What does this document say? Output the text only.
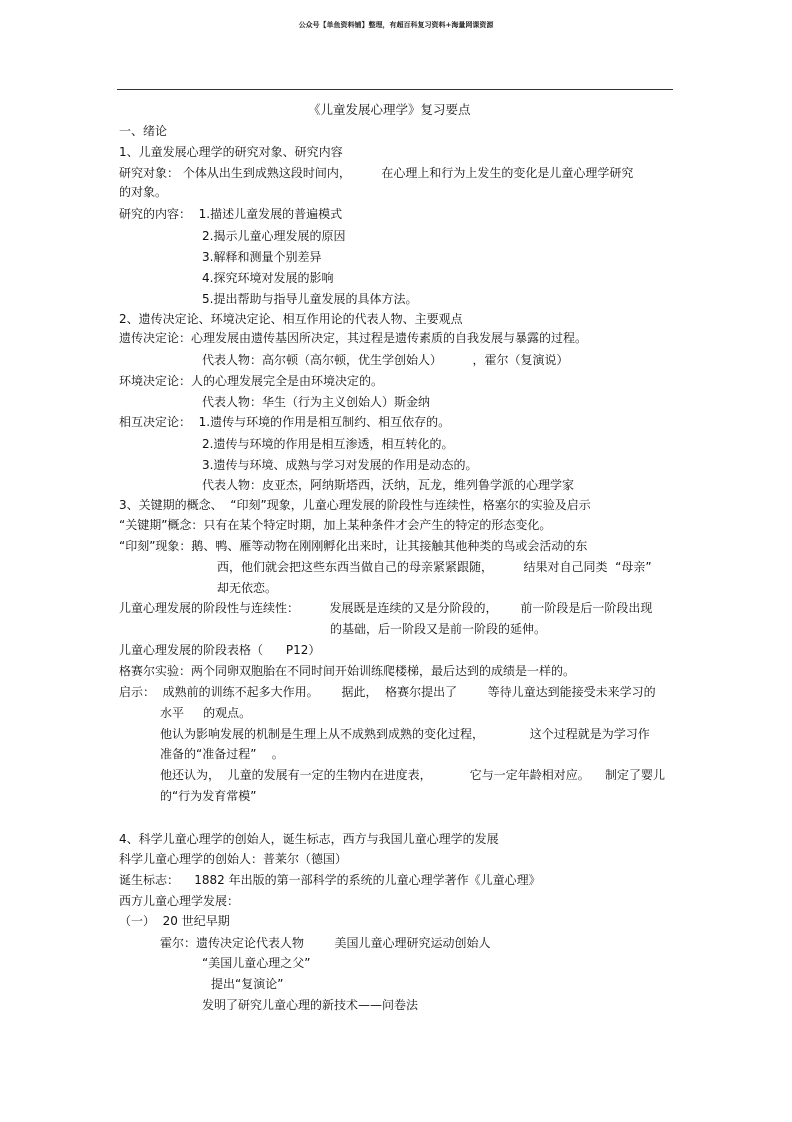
公众号【单鱼资料铺】整理，有超百科复习资料+海量网课资源
《儿童发展心理学》复习要点
一、绪论
1、儿童发展心理学的研究对象、研究内容
研究对象： 个体从出生到成熟这段时间内，        在心理上和行为上发生的变化是儿童心理学研究
的对象。
研究的内容：  1.描述儿童发展的普遍模式
2.揭示儿童心理发展的原因
3.解释和测量个别差异
4.探究环境对发展的影响
5.提出帮助与指导儿童发展的具体方法。
2、遗传决定论、环境决定论、相互作用论的代表人物、主要观点
遗传决定论：心理发展由遗传基因所决定，其过程是遗传素质的自我发展与暴露的过程。
代表人物：高尔顿（高尔顿，优生学创始人）        ，霍尔（复演说）
环境决定论：人的心理发展完全是由环境决定的。
代表人物：华生（行为主义创始人）斯金纳
相互决定论：  1.遗传与环境的作用是相互制约、相互依存的。
2.遗传与环境的作用是相互渗透，相互转化的。
3.遗传与环境、成熟与学习对发展的作用是动态的。
代表人物：皮亚杰，阿纳斯塔西，沃纳，瓦龙，维列鲁学派的心理学家
3、关键期的概念、  “印刻”现象，儿童心理发展的阶段性与连续性，格塞尔的实验及启示
“关键期”概念：只有在某个特定时期，加上某种条件才会产生的特定的形态变化。
“印刻”现象：鹅、鸭、雁等动物在刚刚孵化出来时，让其接触其他种类的鸟或会活动的东
西，他们就会把这些东西当做自己的母亲紧紧跟随，        结果对自己同类  “母亲”
却无依恋。
儿童心理发展的阶段性与连续性：        发展既是连续的又是分阶段的，      前一阶段是后一阶段出现
的基础，后一阶段又是前一阶段的延伸。
儿童心理发展的阶段表格（      P12）
格赛尔实验：两个同卵双胞胎在不同时间开始训练爬楼梯，最后达到的成绩是一样的。
启示：  成熟前的训练不起多大作用。      据此，  格赛尔提出了        等待儿童达到能接受未来学习的
水平     的观点。
他认为影响发展的机制是生理上从不成熟到成熟的变化过程，            这个过程就是为学习作
准备的“准备过程”    。
他还认为，  儿童的发展有一定的生物内在进度表，          它与一定年龄相对应。    制定了婴儿
的“行为发育常模”
4、科学儿童心理学的创始人，诞生标志，西方与我国儿童心理学的发展
科学儿童心理学的创始人：普莱尔（德国）
诞生标志：    1882 年出版的第一部科学的系统的儿童心理学著作《儿童心理》
西方儿童心理学发展：
（一）  20 世纪早期
霍尔：遗传决定论代表人物        美国儿童心理研究运动创始人
“美国儿童心理之父”
提出“复演论”
发明了研究儿童心理的新技术——问卷法
